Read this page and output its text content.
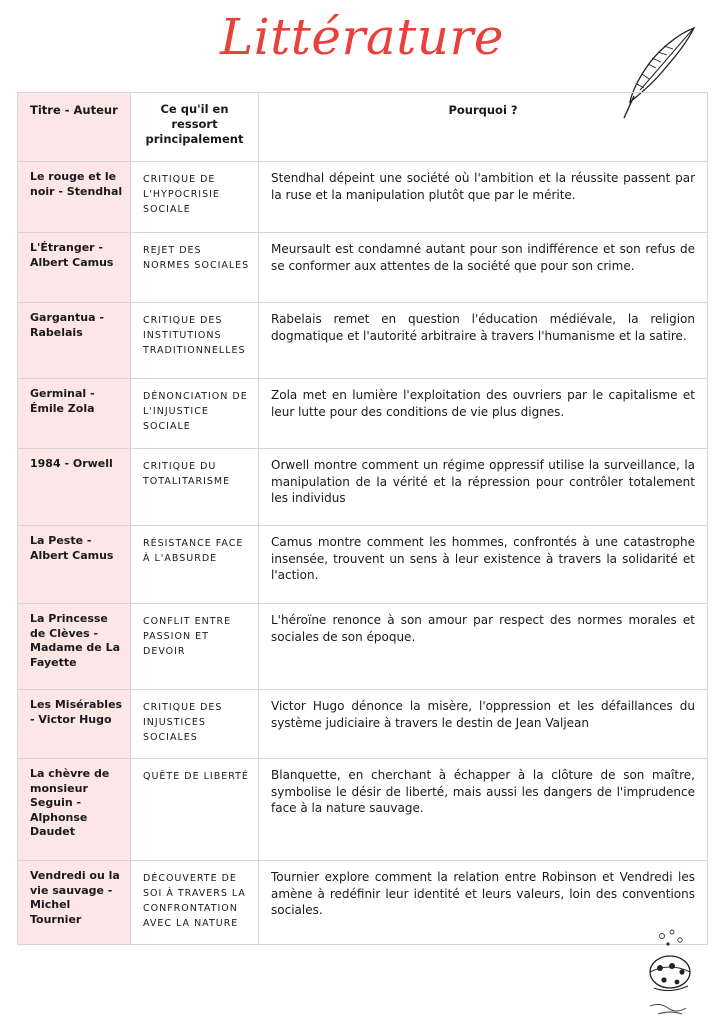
Littérature
Titre - Auteur	Ce qu'il en ressort principalement	Pourquoi ?
Le rouge et le noir - Stendhal	CRITIQUE DE L'HYPOCRISIE SOCIALE	Stendhal dépeint une société où l'ambition et la réussite passent par la ruse et la manipulation plutôt que par le mérite.
L'Étranger - Albert Camus	REJET DES NORMES SOCIALES	Meursault est condamné autant pour son indifférence et son refus de se conformer aux attentes de la société que pour son crime.
Gargantua - Rabelais	CRITIQUE DES INSTITUTIONS TRADITIONNELLES	Rabelais remet en question l'éducation médiévale, la religion dogmatique et l'autorité arbitraire à travers l'humanisme et la satire.
Germinal - Émile Zola	DÉNONCIATION DE L'INJUSTICE SOCIALE	Zola met en lumière l'exploitation des ouvriers par le capitalisme et leur lutte pour des conditions de vie plus dignes.
1984 - Orwell	CRITIQUE DU TOTALITARISME	Orwell montre comment un régime oppressif utilise la surveillance, la manipulation de la vérité et la répression pour contrôler totalement les individus
La Peste - Albert Camus	RÉSISTANCE FACE À L'ABSURDE	Camus montre comment les hommes, confrontés à une catastrophe insensée, trouvent un sens à leur existence à travers la solidarité et l'action.
La Princesse de Clèves - Madame de La Fayette	CONFLIT ENTRE PASSION ET DEVOIR	L'héroïne renonce à son amour par respect des normes morales et sociales de son époque.
Les Misérables - Victor Hugo	CRITIQUE DES INJUSTICES SOCIALES	Victor Hugo dénonce la misère, l'oppression et les défaillances du système judiciaire à travers le destin de Jean Valjean
La chèvre de monsieur Seguin - Alphonse Daudet	QUÊTE DE LIBERTÉ	Blanquette, en cherchant à échapper à la clôture de son maître, symbolise le désir de liberté, mais aussi les dangers de l'imprudence face à la nature sauvage.
Vendredi ou la vie sauvage - Michel Tournier	DÉCOUVERTE DE SOI À TRAVERS LA CONFRONTATION AVEC LA NATURE	Tournier explore comment la relation entre Robinson et Vendredi les amène à redéfinir leur identité et leurs valeurs, loin des conventions sociales.
